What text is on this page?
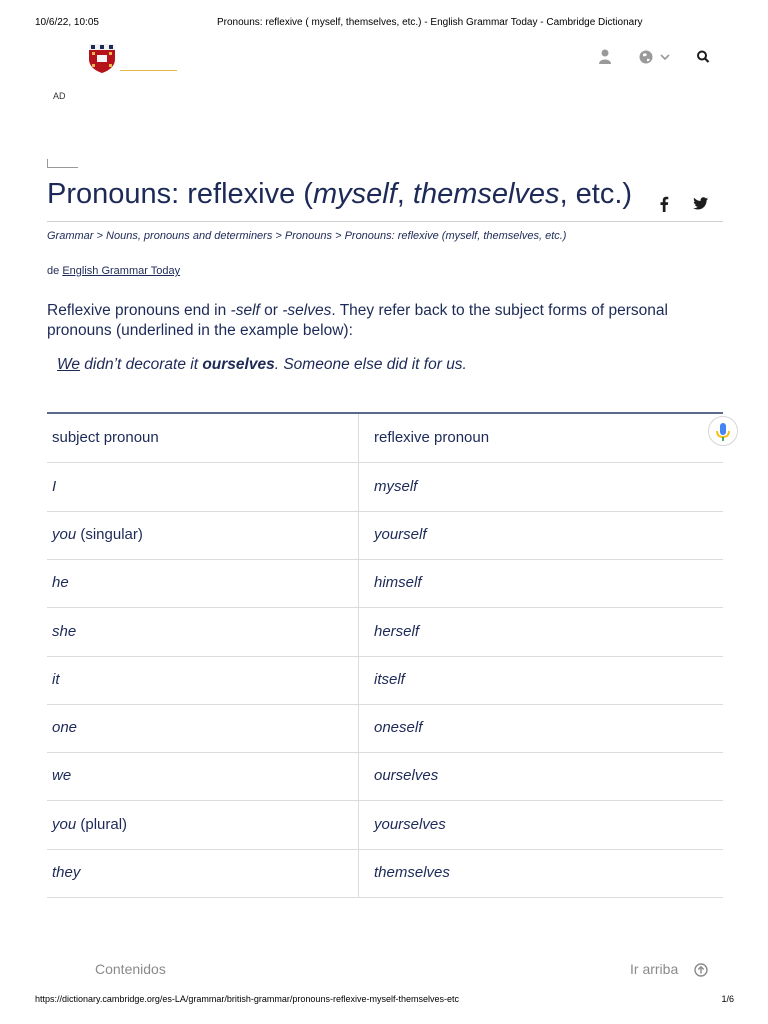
10/6/22, 10:05	Pronouns: reflexive ( myself, themselves, etc.) - English Grammar Today - Cambridge Dictionary
AD
Pronouns: reflexive (myself, themselves, etc.)
Grammar > Nouns, pronouns and determiners > Pronouns > Pronouns: reflexive (myself, themselves, etc.)
de English Grammar Today
Reflexive pronouns end in -self or -selves. They refer back to the subject forms of personal pronouns (underlined in the example below):
We didn’t decorate it ourselves. Someone else did it for us.
subject pronoun	reflexive pronoun
I	myself
you (singular)	yourself
he	himself
she	herself
it	itself
one	oneself
we	ourselves
you (plural)	yourselves
they	themselves
Contenidos	Ir arriba
https://dictionary.cambridge.org/es-LA/grammar/british-grammar/pronouns-reflexive-myself-themselves-etc	1/6
